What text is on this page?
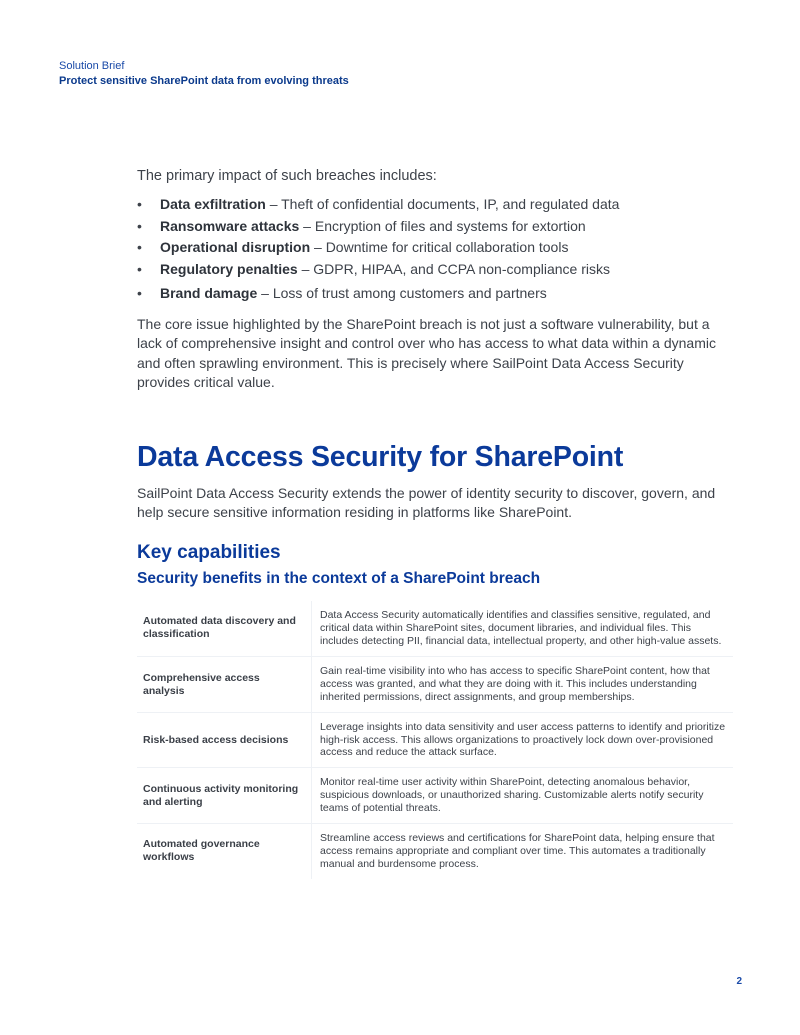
Solution Brief
Protect sensitive SharePoint data from evolving threats

The primary impact of such breaches includes:

• Data exfiltration – Theft of confidential documents, IP, and regulated data
• Ransomware attacks – Encryption of files and systems for extortion
• Operational disruption – Downtime for critical collaboration tools
• Regulatory penalties – GDPR, HIPAA, and CCPA non-compliance risks
• Brand damage – Loss of trust among customers and partners

The core issue highlighted by the SharePoint breach is not just a software vulnerability, but a lack of comprehensive insight and control over who has access to what data within a dynamic and often sprawling environment. This is precisely where SailPoint Data Access Security provides critical value.

Data Access Security for SharePoint

SailPoint Data Access Security extends the power of identity security to discover, govern, and help secure sensitive information residing in platforms like SharePoint.

Key capabilities
Security benefits in the context of a SharePoint breach
Automated data discovery and classification	Data Access Security automatically identifies and classifies sensitive, regulated, and critical data within SharePoint sites, document libraries, and individual files. This includes detecting PII, financial data, intellectual property, and other high-value assets.
Comprehensive access analysis	Gain real-time visibility into who has access to specific SharePoint content, how that access was granted, and what they are doing with it. This includes understanding inherited permissions, direct assignments, and group memberships.
Risk-based access decisions	Leverage insights into data sensitivity and user access patterns to identify and prioritize high-risk access. This allows organizations to proactively lock down over-provisioned access and reduce the attack surface.
Continuous activity monitoring and alerting	Monitor real-time user activity within SharePoint, detecting anomalous behavior, suspicious downloads, or unauthorized sharing. Customizable alerts notify security teams of potential threats.
Automated governance workflows	Streamline access reviews and certifications for SharePoint data, helping ensure that access remains appropriate and compliant over time. This automates a traditionally manual and burdensome process.
2
